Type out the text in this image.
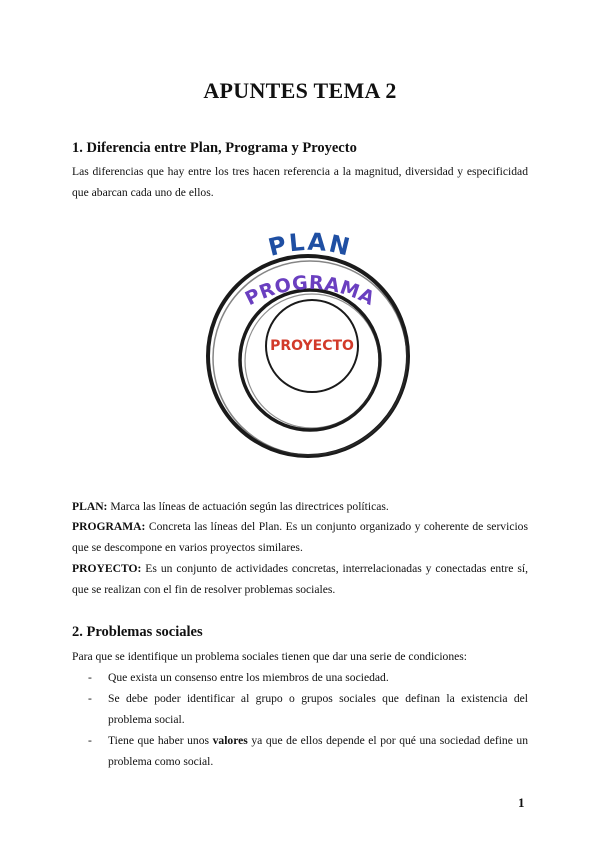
APUNTES TEMA 2
1. Diferencia entre Plan, Programa y Proyecto
Las diferencias que hay entre los tres hacen referencia a la magnitud, diversidad y especificidad que abarcan cada uno de ellos.
PLAN
PROGRAMA
PROYECTO
PLAN: Marca las líneas de actuación según las directrices políticas.
PROGRAMA: Concreta las líneas del Plan. Es un conjunto organizado y coherente de servicios que se descompone en varios proyectos similares.
PROYECTO: Es un conjunto de actividades concretas, interrelacionadas y conectadas entre sí, que se realizan con el fin de resolver problemas sociales.
2. Problemas sociales
Para que se identifique un problema sociales tienen que dar una serie de condiciones:
- Que exista un consenso entre los miembros de una sociedad.
- Se debe poder identificar al grupo o grupos sociales que definan la existencia del problema social.
- Tiene que haber unos valores ya que de ellos depende el por qué una sociedad define un problema como social.
1
